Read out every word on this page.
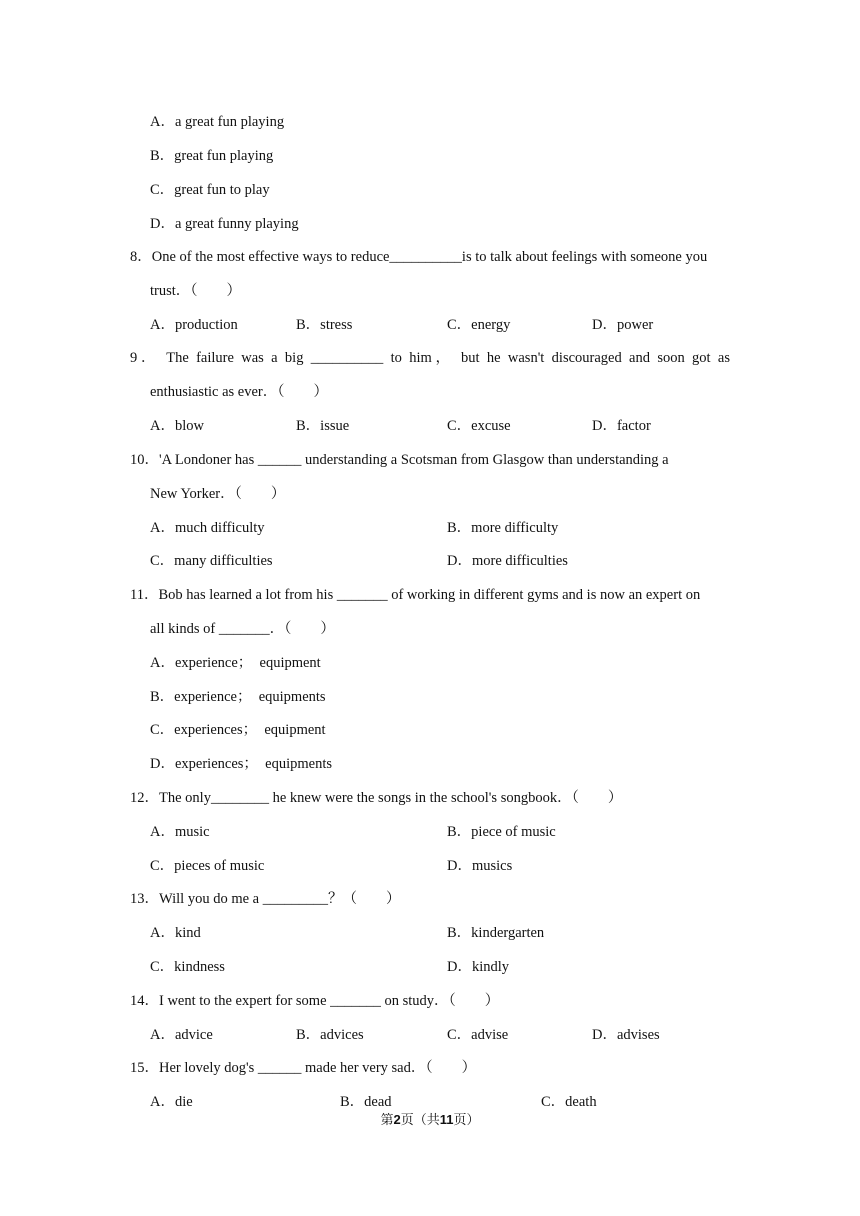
A．a great fun playing
B．great fun playing
C．great fun to play
D．a great funny playing
8．One of the most effective ways to reduce__________is to talk about feelings with someone you
trust．（　　）
A．production	B．stress	C．energy	D．power
9． The failure was a big __________ to him， but he wasn't discouraged and soon got as
enthusiastic as ever．（　　）
A．blow	B．issue	C．excuse	D．factor
10．'A Londoner has ______ understanding a Scotsman from Glasgow than understanding a
New Yorker．（　　）
A．much difficulty	B．more difficulty
C．many difficulties	D．more difficulties
11．Bob has learned a lot from his _______ of working in different gyms and is now an expert on
all kinds of _______．（　　）
A．experience；　equipment
B．experience；　equipments
C．experiences；　equipment
D．experiences；　equipments
12．The only________ he knew were the songs in the school's songbook．（　　）
A．music	B．piece of music
C．pieces of music	D．musics
13．Will you do me a _________？（　　）
A．kind	B．kindergarten
C．kindness	D．kindly
14．I went to the expert for some _______ on study．（　　）
A．advice	B．advices	C．advise	D．advises
15．Her lovely dog's ______ made her very sad．（　　）
A．die	B．dead	C．death
第2页（共11页）
